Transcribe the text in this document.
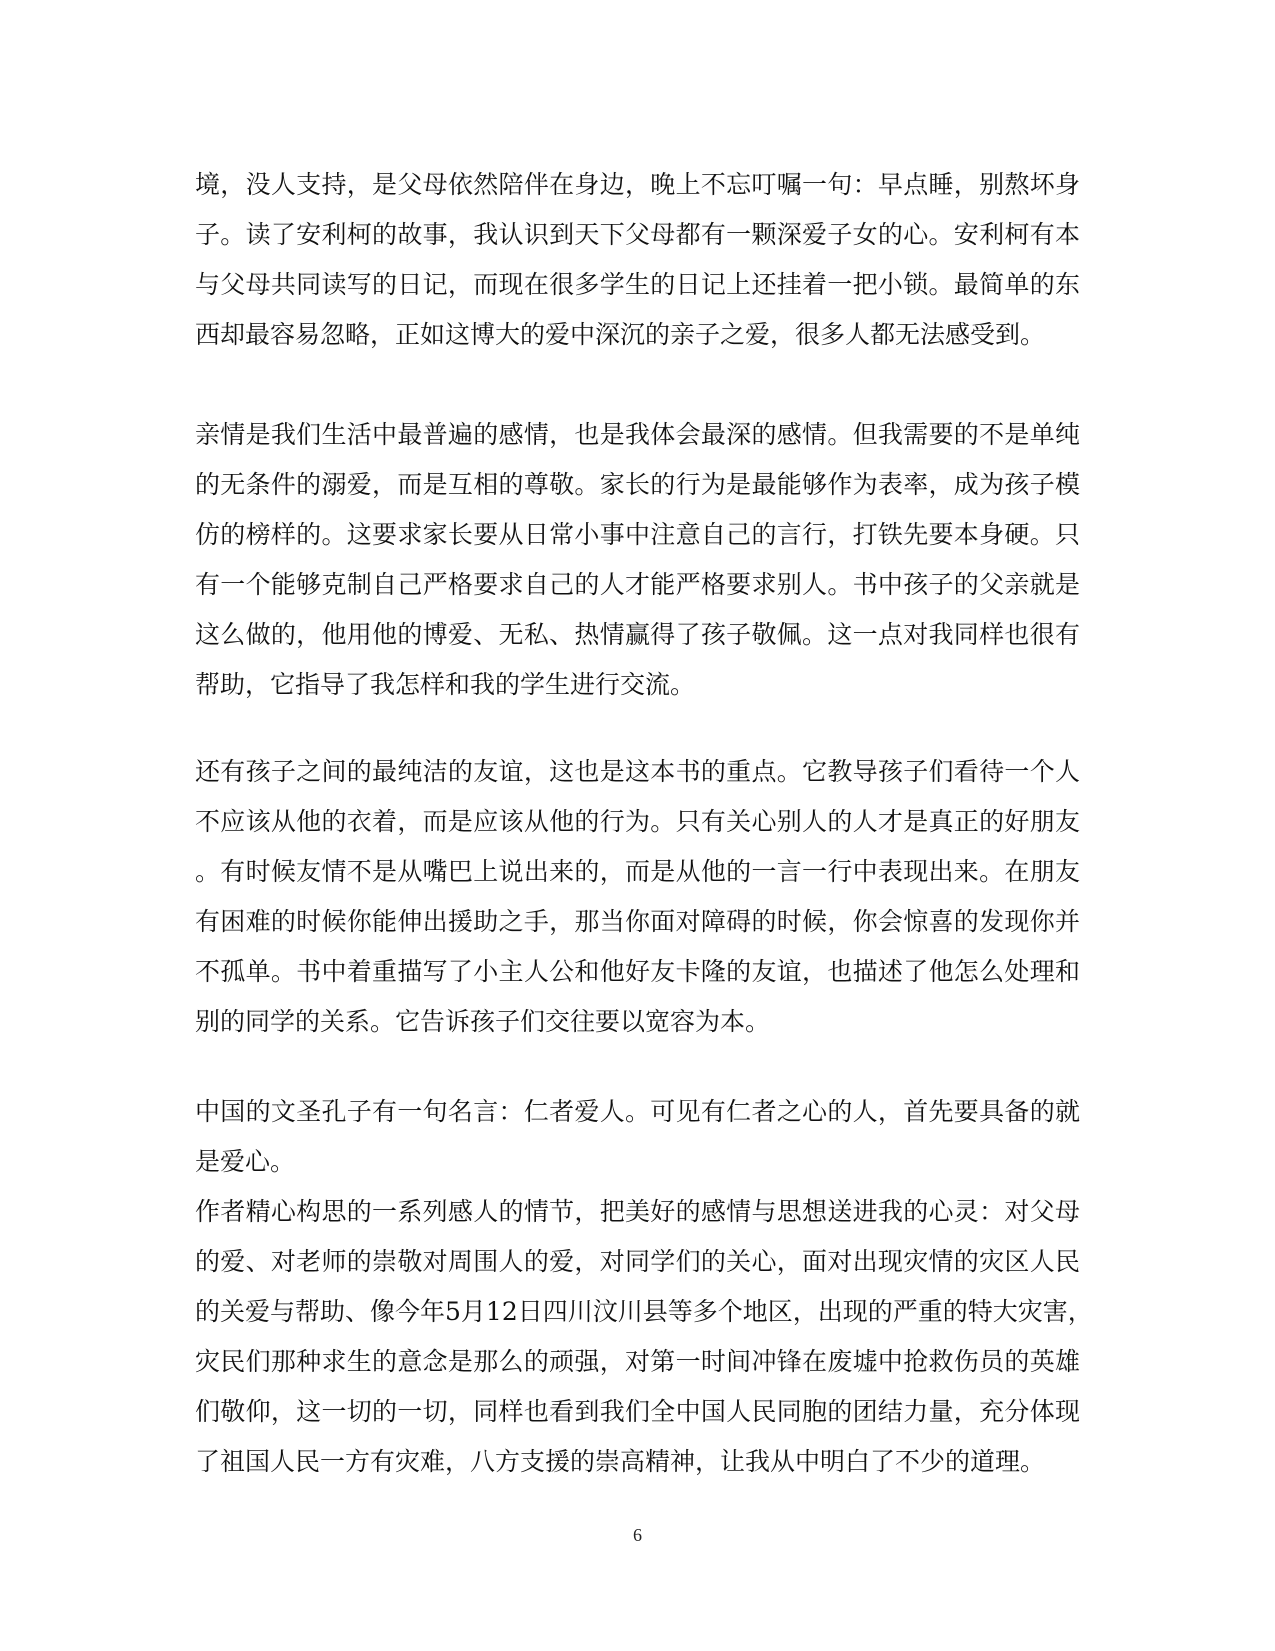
境，没人支持，是父母依然陪伴在身边，晚上不忘叮嘱一句：早点睡，别熬坏身
子。读了安利柯的故事，我认识到天下父母都有一颗深爱子女的心。安利柯有本
与父母共同读写的日记，而现在很多学生的日记上还挂着一把小锁。最简单的东
西却最容易忽略，正如这博大的爱中深沉的亲子之爱，很多人都无法感受到。
亲情是我们生活中最普遍的感情，也是我体会最深的感情。但我需要的不是单纯
的无条件的溺爱，而是互相的尊敬。家长的行为是最能够作为表率，成为孩子模
仿的榜样的。这要求家长要从日常小事中注意自己的言行，打铁先要本身硬。只
有一个能够克制自己严格要求自己的人才能严格要求别人。书中孩子的父亲就是
这么做的，他用他的博爱、无私、热情赢得了孩子敬佩。这一点对我同样也很有
帮助，它指导了我怎样和我的学生进行交流。
还有孩子之间的最纯洁的友谊，这也是这本书的重点。它教导孩子们看待一个人
不应该从他的衣着，而是应该从他的行为。只有关心别人的人才是真正的好朋友
。有时候友情不是从嘴巴上说出来的，而是从他的一言一行中表现出来。在朋友
有困难的时候你能伸出援助之手，那当你面对障碍的时候，你会惊喜的发现你并
不孤单。书中着重描写了小主人公和他好友卡隆的友谊，也描述了他怎么处理和
别的同学的关系。它告诉孩子们交往要以宽容为本。
中国的文圣孔子有一句名言：仁者爱人。可见有仁者之心的人，首先要具备的就
是爱心。
作者精心构思的一系列感人的情节，把美好的感情与思想送进我的心灵：对父母
的爱、对老师的崇敬对周围人的爱，对同学们的关心，面对出现灾情的灾区人民
的关爱与帮助、像今年5月12日四川汶川县等多个地区，出现的严重的特大灾害，
灾民们那种求生的意念是那么的顽强，对第一时间冲锋在废墟中抢救伤员的英雄
们敬仰，这一切的一切，同样也看到我们全中国人民同胞的团结力量，充分体现
了祖国人民一方有灾难，八方支援的崇高精神，让我从中明白了不少的道理。
6
